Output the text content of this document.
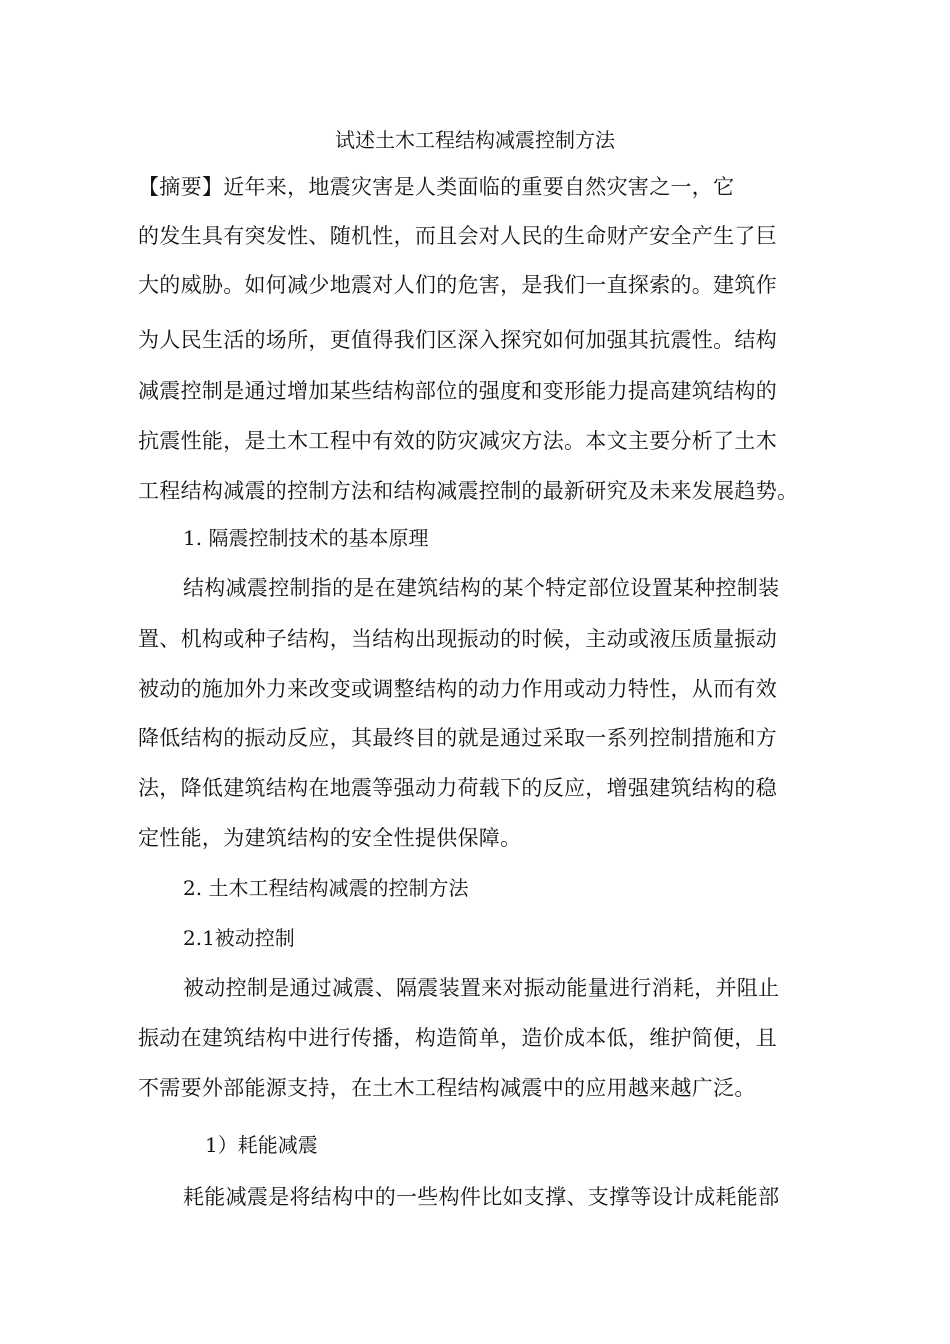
试述土木工程结构减震控制方法
【摘要】近年来，地震灾害是人类面临的重要自然灾害之一，它
的发生具有突发性、随机性，而且会对人民的生命财产安全产生了巨
大的威胁。如何减少地震对人们的危害，是我们一直探索的。建筑作
为人民生活的场所，更值得我们区深入探究如何加强其抗震性。结构
减震控制是通过增加某些结构部位的强度和变形能力提高建筑结构的
抗震性能，是土木工程中有效的防灾减灾方法。本文主要分析了土木
工程结构减震的控制方法和结构减震控制的最新研究及未来发展趋势。
1. 隔震控制技术的基本原理
结构减震控制指的是在建筑结构的某个特定部位设置某种控制装
置、机构或种子结构，当结构出现振动的时候，主动或液压质量振动
被动的施加外力来改变或调整结构的动力作用或动力特性，从而有效
降低结构的振动反应，其最终目的就是通过采取一系列控制措施和方
法，降低建筑结构在地震等强动力荷载下的反应，增强建筑结构的稳
定性能，为建筑结构的安全性提供保障。
2. 土木工程结构减震的控制方法
2.1被动控制
被动控制是通过减震、隔震装置来对振动能量进行消耗，并阻止
振动在建筑结构中进行传播，构造简单，造价成本低，维护简便，且
不需要外部能源支持，在土木工程结构减震中的应用越来越广泛。
1）耗能减震
耗能减震是将结构中的一些构件比如支撑、支撑等设计成耗能部
